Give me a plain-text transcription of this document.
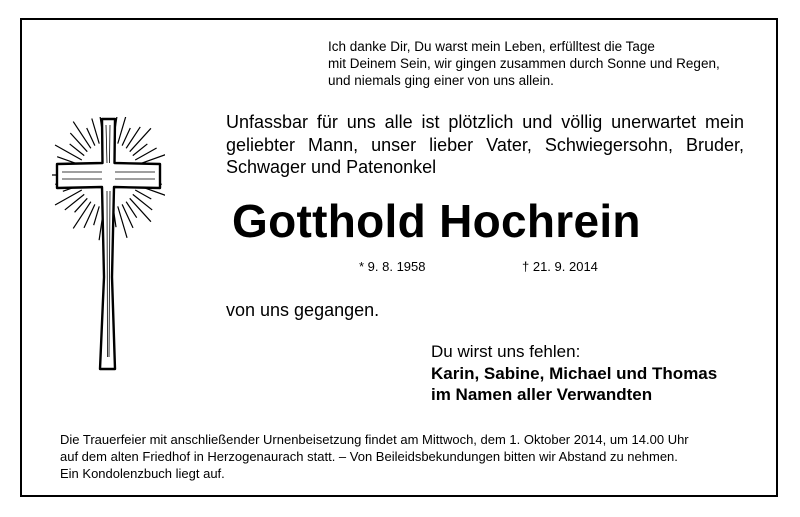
Ich danke Dir, Du warst mein Leben, erfülltest die Tage
mit Deinem Sein, wir gingen zusammen durch Sonne und Regen,
und niemals ging einer von uns allein.
Unfassbar für uns alle ist plötzlich und völlig unerwartet mein
geliebter Mann, unser lieber Vater, Schwiegersohn, Bruder,
Schwager und Patenonkel
Gotthold Hochrein
* 9. 8. 1958	† 21. 9. 2014
von uns gegangen.
Du wirst uns fehlen:
Karin, Sabine, Michael und Thomas
im Namen aller Verwandten
Die Trauerfeier mit anschließender Urnenbeisetzung findet am Mittwoch, dem 1. Oktober 2014, um 14.00 Uhr
auf dem alten Friedhof in Herzogenaurach statt. – Von Beileidsbekundungen bitten wir Abstand zu nehmen.
Ein Kondolenzbuch liegt auf.
